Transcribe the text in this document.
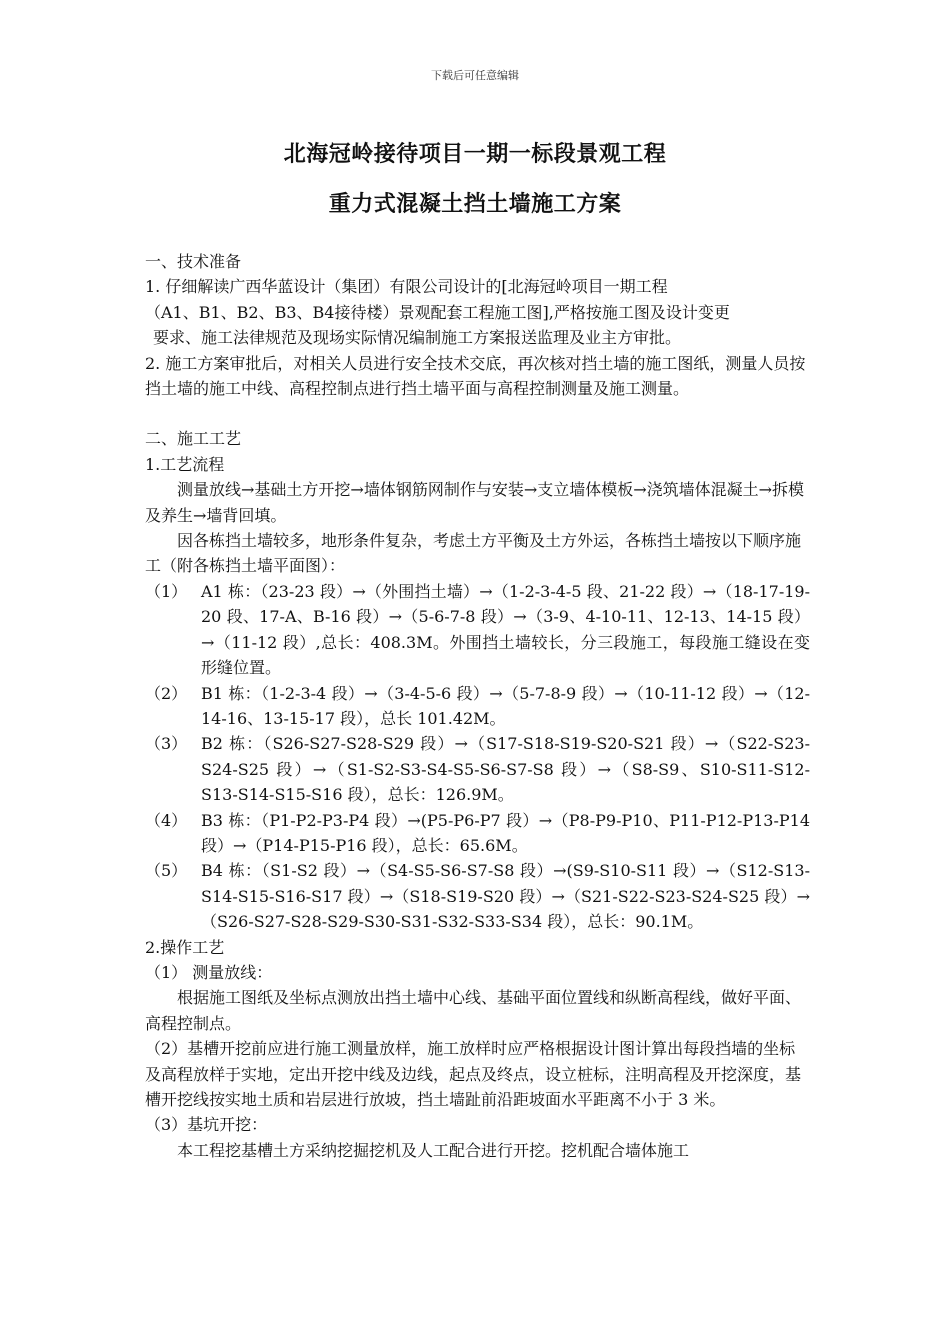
下载后可任意编辑
北海冠岭接待项目一期一标段景观工程
重力式混凝土挡土墙施工方案

一、技术准备

1. 仔细解读广西华蓝设计（集团）有限公司设计的[北海冠岭项目一期工程

（A1、B1、B2、B3、B4接待楼）景观配套工程施工图],严格按施工图及设计变更

要求、施工法律规范及现场实际情况编制施工方案报送监理及业主方审批。

2. 施工方案审批后，对相关人员进行安全技术交底，再次核对挡土墙的施工图纸，测量人员按挡土墙的施工中线、高程控制点进行挡土墙平面与高程控制测量及施工测量。

二、施工工艺

1.工艺流程

测量放线→基础土方开挖→墙体钢筋网制作与安装→支立墙体模板→浇筑墙体混凝土→拆模及养生→墙背回填。

因各栋挡土墙较多，地形条件复杂，考虑土方平衡及土方外运，各栋挡土墙按以下顺序施工（附各栋挡土墙平面图）：

（1） A1 栋：（23-23 段）→（外围挡土墙）→（1-2-3-4-5 段、21-22 段）→（18-17-19-20 段、17-A、B-16 段）→（5-6-7-8 段）→（3-9、4-10-11、12-13、14-15 段）→（11-12 段）,总长：408.3M。外围挡土墙较长，分三段施工，每段施工缝设在变形缝位置。
（2） B1 栋：（1-2-3-4 段）→（3-4-5-6 段）→（5-7-8-9 段）→（10-11-12 段）→（12-14-16、13-15-17 段），总长 101.42M。
（3） B2 栋：（S26-S27-S28-S29 段）→（S17-S18-S19-S20-S21 段）→（S22-S23-S24-S25 段）→（S1-S2-S3-S4-S5-S6-S7-S8 段）→（S8-S9、S10-S11-S12-S13-S14-S15-S16 段），总长：126.9M。
（4） B3 栋：（P1-P2-P3-P4 段）→(P5-P6-P7 段）→（P8-P9-P10、P11-P12-P13-P14 段）→（P14-P15-P16 段），总长：65.6M。
（5） B4 栋：（S1-S2 段）→（S4-S5-S6-S7-S8 段）→(S9-S10-S11 段）→（S12-S13-S14-S15-S16-S17 段）→（S18-S19-S20 段）→（S21-S22-S23-S24-S25 段）→（S26-S27-S28-S29-S30-S31-S32-S33-S34 段），总长：90.1M。

2.操作工艺

（1） 测量放线：

根据施工图纸及坐标点测放出挡土墙中心线、基础平面位置线和纵断高程线，做好平面、高程控制点。

（2）基槽开挖前应进行施工测量放样，施工放样时应严格根据设计图计算出每段挡墙的坐标及高程放样于实地，定出开挖中线及边线，起点及终点，设立桩标，注明高程及开挖深度，基槽开挖线按实地土质和岩层进行放坡，挡土墙趾前沿距坡面水平距离不小于 3 米。

（3）基坑开挖：

本工程挖基槽土方采纳挖掘挖机及人工配合进行开挖。挖机配合墙体施工
